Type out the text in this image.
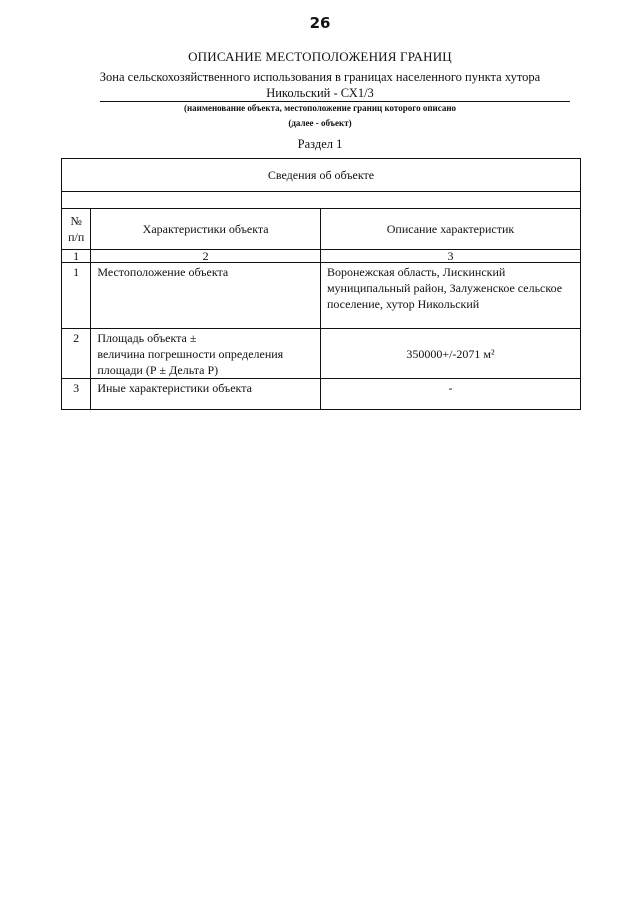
26
ОПИСАНИЕ МЕСТОПОЛОЖЕНИЯ ГРАНИЦ
Зона сельскохозяйственного использования в границах населенного пункта хутора
Никольский - СХ1/3
(наименование объекта, местоположение границ которого описано
(далее - объект)
Раздел 1
Сведения об объекте		

№
п/п	Характеристики объекта	Описание характеристик
1	2	3
1	Местоположение объекта	Воронежская область, Лискинский муниципальный район, Залуженское сельское поселение, хутор Никольский
2	Площадь объекта ±
величина погрешности определения
площади (Р ± Дельта Р)	350000+/-2071 м²
3	Иные характеристики объекта	-
